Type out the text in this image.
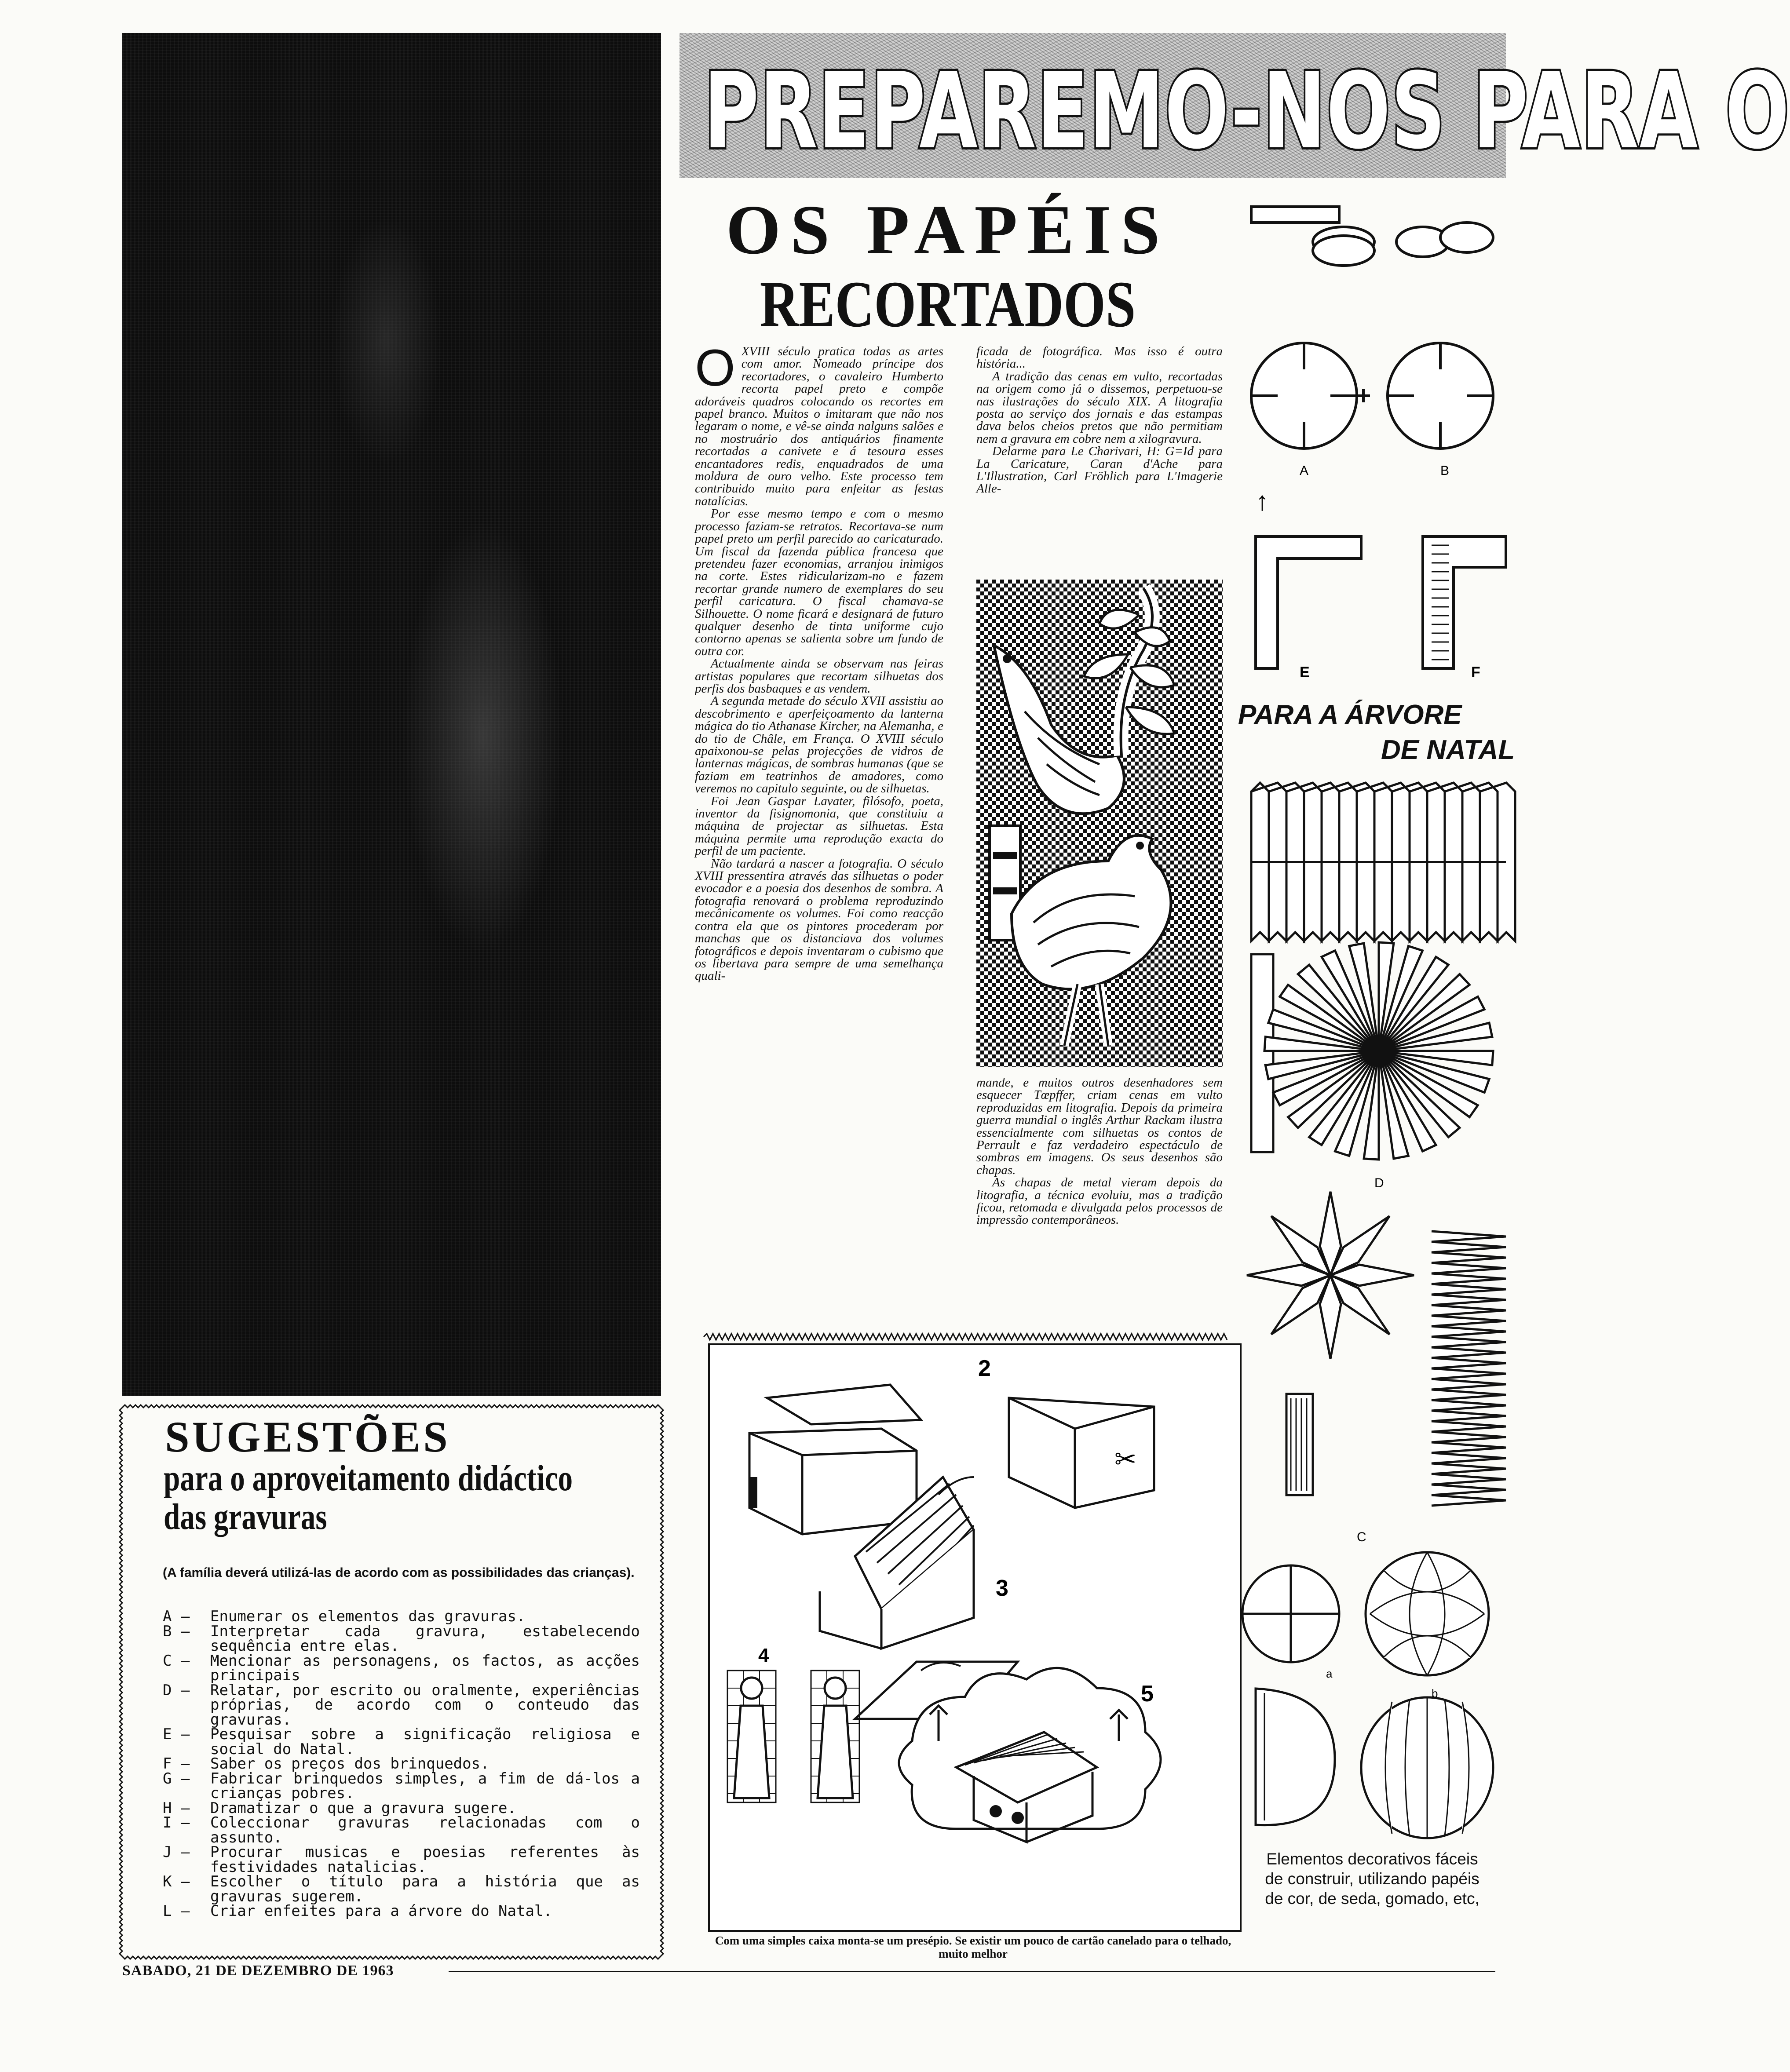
PREPAREMO-NOS PARA O
OS PAPÉIS
RECORTADOS

OXVIII século pratica todas as artes com amor. Nomeado príncipe dos recortadores, o cavaleiro Humberto recorta papel preto e compõe adoráveis quadros colocando os recortes em papel branco. Muitos o imitaram que não nos legaram o nome, e vê-se ainda nalguns salões e no mostruário dos antiquários finamente recortadas a canivete e á tesoura esses encantadores redis, enquadrados de uma moldura de ouro velho. Este processo tem contribuido muito para enfeitar as festas natalícias.

Por esse mesmo tempo e com o mesmo processo faziam-se retratos. Recortava-se num papel preto um perfil parecido ao caricaturado. Um fiscal da fazenda pública francesa que pretendeu fazer economias, arranjou inimigos na corte. Estes ridicularizam-no e fazem recortar grande numero de exemplares do seu perfil caricatura. O fiscal chamava-se Silhouette. O nome ficará e designará de futuro qualquer desenho de tinta uniforme cujo contorno apenas se salienta sobre um fundo de outra cor.

Actualmente ainda se observam nas feiras artistas populares que recortam silhuetas dos perfis dos basbaques e as vendem.

A segunda metade do século XVII assistiu ao descobrimento e aperfeiçoamento da lanterna mágica do tio Athanase Kircher, na Alemanha, e do tio de Châle, em França. O XVIII século apaixonou-se pelas projecções de vidros de lanternas mágicas, de sombras humanas (que se faziam em teatrinhos de amadores, como veremos no capitulo seguinte, ou de silhuetas.

Foi Jean Gaspar Lavater, filósofo, poeta, inventor da fisignomonia, que constituiu a máquina de projectar as silhuetas. Esta máquina permite uma reprodução exacta do perfil de um paciente.

Não tardará a nascer a fotografia. O século XVIII pressentira através das silhuetas o poder evocador e a poesia dos desenhos de sombra. A fotografia renovará o problema reproduzindo mecânicamente os volumes. Foi como reacção contra ela que os pintores procederam por manchas que os distanciava dos volumes fotográficos e depois inventaram o cubismo que os libertava para sempre de uma semelhança quali-

ficada de fotográfica. Mas isso é outra história...

A tradição das cenas em vulto, recortadas na origem como já o dissemos, perpetuou-se nas ilustrações do século XIX. A litografia posta ao serviço dos jornais e das estampas dava belos cheios pretos que não permitiam nem a gravura em cobre nem a xilogravura.

Delarme para Le Charivari, H: G=Id para La Caricature, Caran d'Ache para L'Illustration, Carl Fröhlich para L'Imagerie Alle-

mande, e muitos outros desenhadores sem esquecer Tœpffer, criam cenas em vulto reproduzidas em litografia. Depois da primeira guerra mundial o inglês Arthur Rackam ilustra essencialmente com silhuetas os contos de Perrault e faz verdadeiro espectáculo de sombras em imagens. Os seus desenhos são chapas.

As chapas de metal vieram depois da litografia, a técnica evoluiu, mas a tradição ficou, retomada e divulgada pelos processos de impressão contemporâneos.

2
✂
3
4
5
Com uma simples caixa monta-se um presépio. Se existir um pouco de cartão canelado para o telhado, muito melhor
SUGESTÕES
para o aproveitamento didáctico
das gravuras
(A família deverá utilizá-las de acordo com as possibilidades das crianças).
A —	Enumerar os elementos das gravuras.
B —	Interpretar cada gravura, estabelecendo sequência entre elas.
C —	Mencionar as personagens, os factos, as acções principais
D —	Relatar, por escrito ou oralmente, experiências próprias, de acordo com o conteudo das gravuras.
E —	Pesquisar sobre a significação religiosa e social do Natal.
F —	Saber os preços dos brinquedos.
G —	Fabricar brinquedos simples, a fim de dá-los a crianças pobres.
H —	Dramatizar o que a gravura sugere.
I —	Coleccionar gravuras relacionadas com o assunto.
J —	Procurar musicas e poesias referentes às festividades natalicias.
K —	Escolher o título para a história que as gravuras sugerem.
L —	Criar enfeites para a árvore do Natal.
SABADO, 21 DE DEZEMBRO DE 1963
A	B
↑
E	F
D
C
a
b
PARA A ÁRVORE
DE NATAL
Elementos decorativos fáceis de construir, utilizando papéis de cor, de seda, gomado, etc,
